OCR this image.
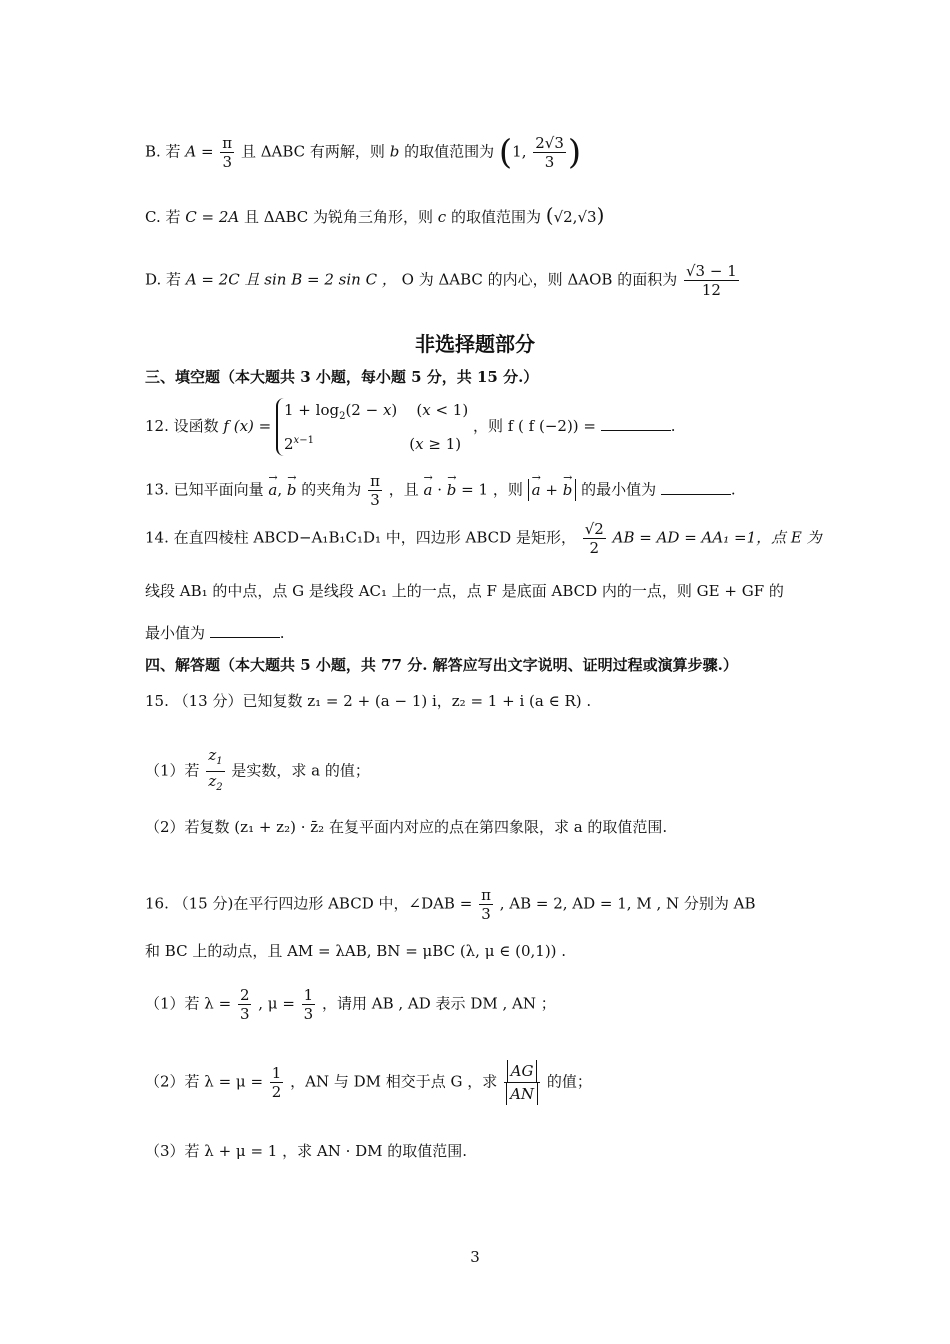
B. 若 $A = \frac{\pi}{3}$ 且 ΔABC 有两解，则 b 的取值范围为 (1, $\frac{2√3}{3}$ )
C. 若 C = 2A 且 ΔABC 为锐角三角形，则 c 的取值范围为 (√2,√3)
D. 若 A = 2C 且 sin B = 2 sin C ， O 为 ΔABC 的内心，则 ΔAOB 的面积为 $\frac{√3 - 1}{12}$
非选择题部分
三、填空题（本大题共 3 小题，每小题 5 分，共 15 分.）
12. 设函数 f $(x) = 1 + \log_2(2 - x)$    (x < 1)
$2^{x-1}$                    (x ≥ 1) ，则 f ( f (−2)) =	.
13. 已知平面向量 a →, b → 的夹角为 $\frac{\pi}{3}$ ，且 a → · b → = 1 ，则 a → + b → 的最小值为	.
14. 在直四棱柱 ABCD−A₁B₁C₁D₁ 中，四边形 ABCD 是矩形， $\frac{√2}{2}$ AB = AD = AA₁ =1，点 E 为
线段 AB₁ 的中点，点 G 是线段 AC₁ 上的一点，点 F 是底面 ABCD 内的一点，则 GE + GF 的
最小值为	.
四、解答题（本大题共 5 小题，共 77 分. 解答应写出文字说明、证明过程或演算步骤.）
15. （13 分）已知复数 z₁ = 2 + (a − 1) i，z₂ = 1 + i (a ∈ R) .
（1）若 $\frac{z_1}{z_2}$ 是实数，求 a 的值；
（2）若复数 (z₁ + z₂) · z̄₂ 在复平面内对应的点在第四象限，求 a 的取值范围.
16. （15 分)在平行四边形 ABCD 中，∠DAB = $\frac{\pi}{3}$ , AB = 2, AD = 1, M , N 分别为 AB
和 BC 上的动点，且 AM = λAB, BN = μBC (λ, μ ∈ (0,1)) .
（1）若 $\lambda = \frac{2}{3}$ , $\mu = \frac{1}{3}$ ，请用 AB , AD 表示 DM , AN ；
（2）若 $\lambda = \mu = \frac{1}{2}$ ，AN 与 DM 相交于点 G ，求 $\frac{AG}{AN}$ 的值；
（3）若 λ + μ = 1 ，求 AN · DM 的取值范围.
3
